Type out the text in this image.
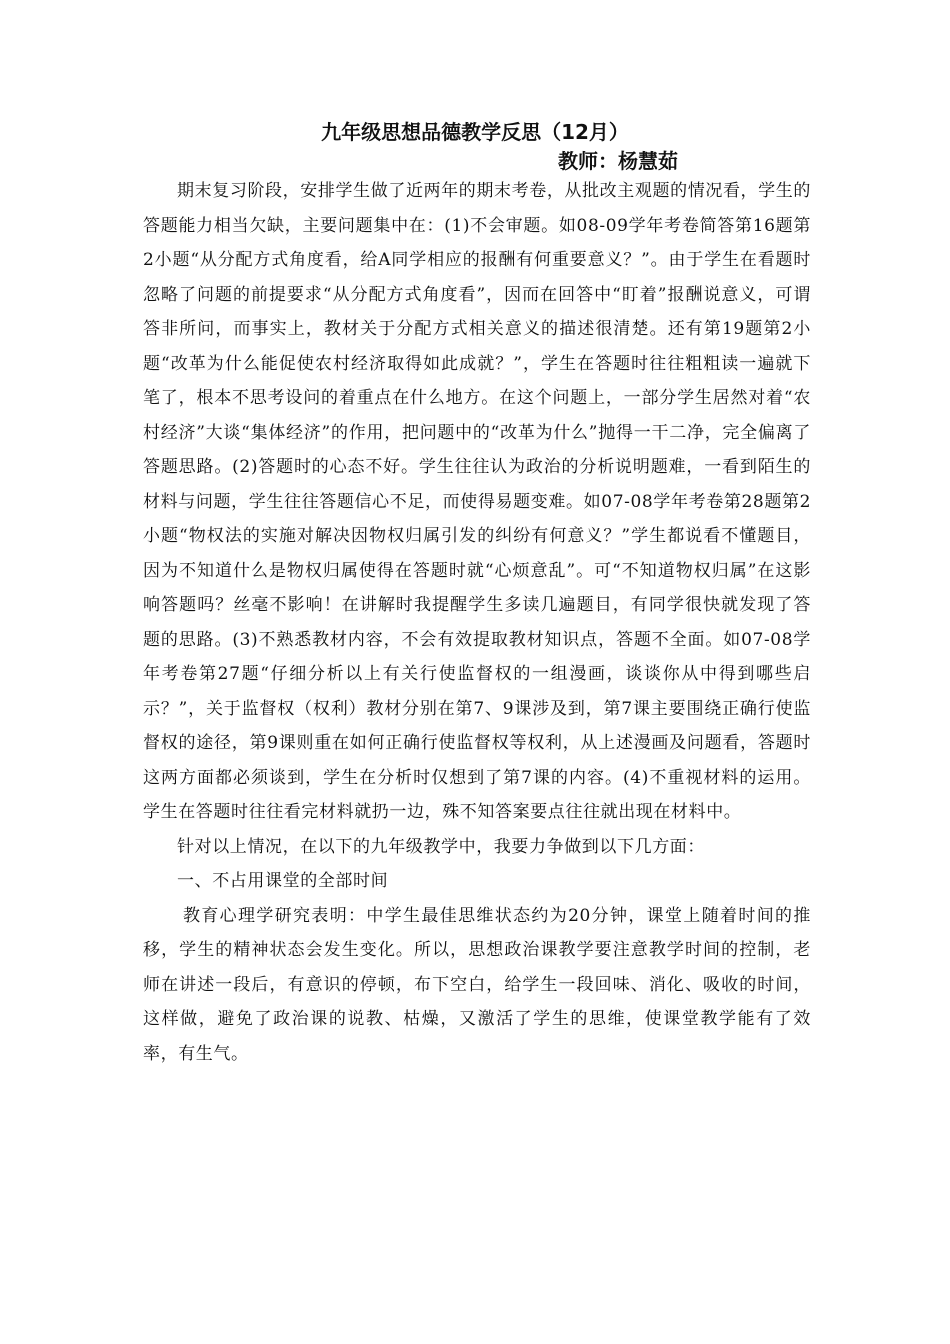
九年级思想品德教学反思（12月）
教师：杨慧茹

期末复习阶段，安排学生做了近两年的期末考卷，从批改主观题的情况看，学生的答题能力相当欠缺，主要问题集中在：(1)不会审题。如08-09学年考卷简答第16题第2小题“从分配方式角度看，给A同学相应的报酬有何重要意义？”。由于学生在看题时忽略了问题的前提要求“从分配方式角度看”，因而在回答中“盯着”报酬说意义，可谓答非所问，而事实上，教材关于分配方式相关意义的描述很清楚。还有第19题第2小题“改革为什么能促使农村经济取得如此成就？”，学生在答题时往往粗粗读一遍就下笔了，根本不思考设问的着重点在什么地方。在这个问题上，一部分学生居然对着“农村经济”大谈“集体经济”的作用，把问题中的“改革为什么”抛得一干二净，完全偏离了答题思路。(2)答题时的心态不好。学生往往认为政治的分析说明题难，一看到陌生的材料与问题，学生往往答题信心不足，而使得易题变难。如07-08学年考卷第28题第2小题“物权法的实施对解决因物权归属引发的纠纷有何意义？”学生都说看不懂题目，因为不知道什么是物权归属使得在答题时就“心烦意乱”。可“不知道物权归属”在这影响答题吗？丝毫不影响！在讲解时我提醒学生多读几遍题目，有同学很快就发现了答题的思路。(3)不熟悉教材内容，不会有效提取教材知识点，答题不全面。如07-08学年考卷第27题“仔细分析以上有关行使监督权的一组漫画，谈谈你从中得到哪些启示？”，关于监督权（权利）教材分别在第7、9课涉及到，第7课主要围绕正确行使监督权的途径，第9课则重在如何正确行使监督权等权利，从上述漫画及问题看，答题时这两方面都必须谈到，学生在分析时仅想到了第7课的内容。(4)不重视材料的运用。学生在答题时往往看完材料就扔一边，殊不知答案要点往往就出现在材料中。

针对以上情况，在以下的九年级教学中，我要力争做到以下几方面：

一、不占用课堂的全部时间

教育心理学研究表明：中学生最佳思维状态约为20分钟，课堂上随着时间的推移，学生的精神状态会发生变化。所以，思想政治课教学要注意教学时间的控制，老师在讲述一段后，有意识的停顿，布下空白，给学生一段回味、消化、吸收的时间，这样做，避免了政治课的说教、枯燥，又激活了学生的思维，使课堂教学能有了效率，有生气。
